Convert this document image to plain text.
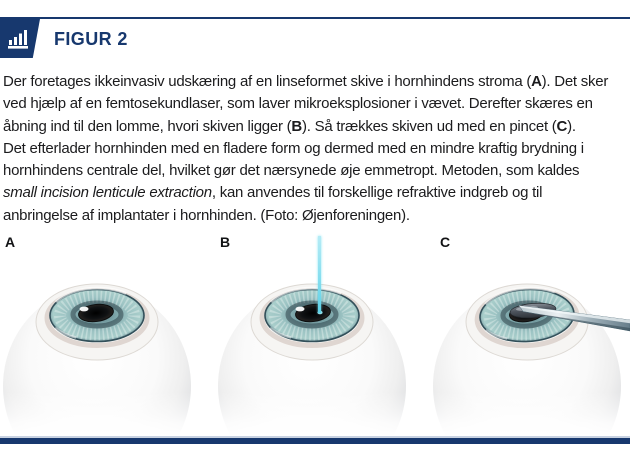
FIGUR 2
Der foretages ikkeinvasiv udskæring af en linseformet skive i hornhindens stroma (A). Det sker
ved hjælp af en femtosekundlaser, som laver mikroeksplosioner i vævet. Derefter skæres en
åbning ind til den lomme, hvori skiven ligger (B). Så trækkes skiven ud med en pincet (C).
Det efterlader hornhinden med en fladere form og dermed med en mindre kraftig brydning i
hornhindens centrale del, hvilket gør det nærsynede øje emmetropt. Metoden, som kaldes
small incision lenticule extraction, kan anvendes til forskellige refraktive indgreb og til
anbringelse af implantater i hornhinden. (Foto: Øjenforeningen).
A	B	C
